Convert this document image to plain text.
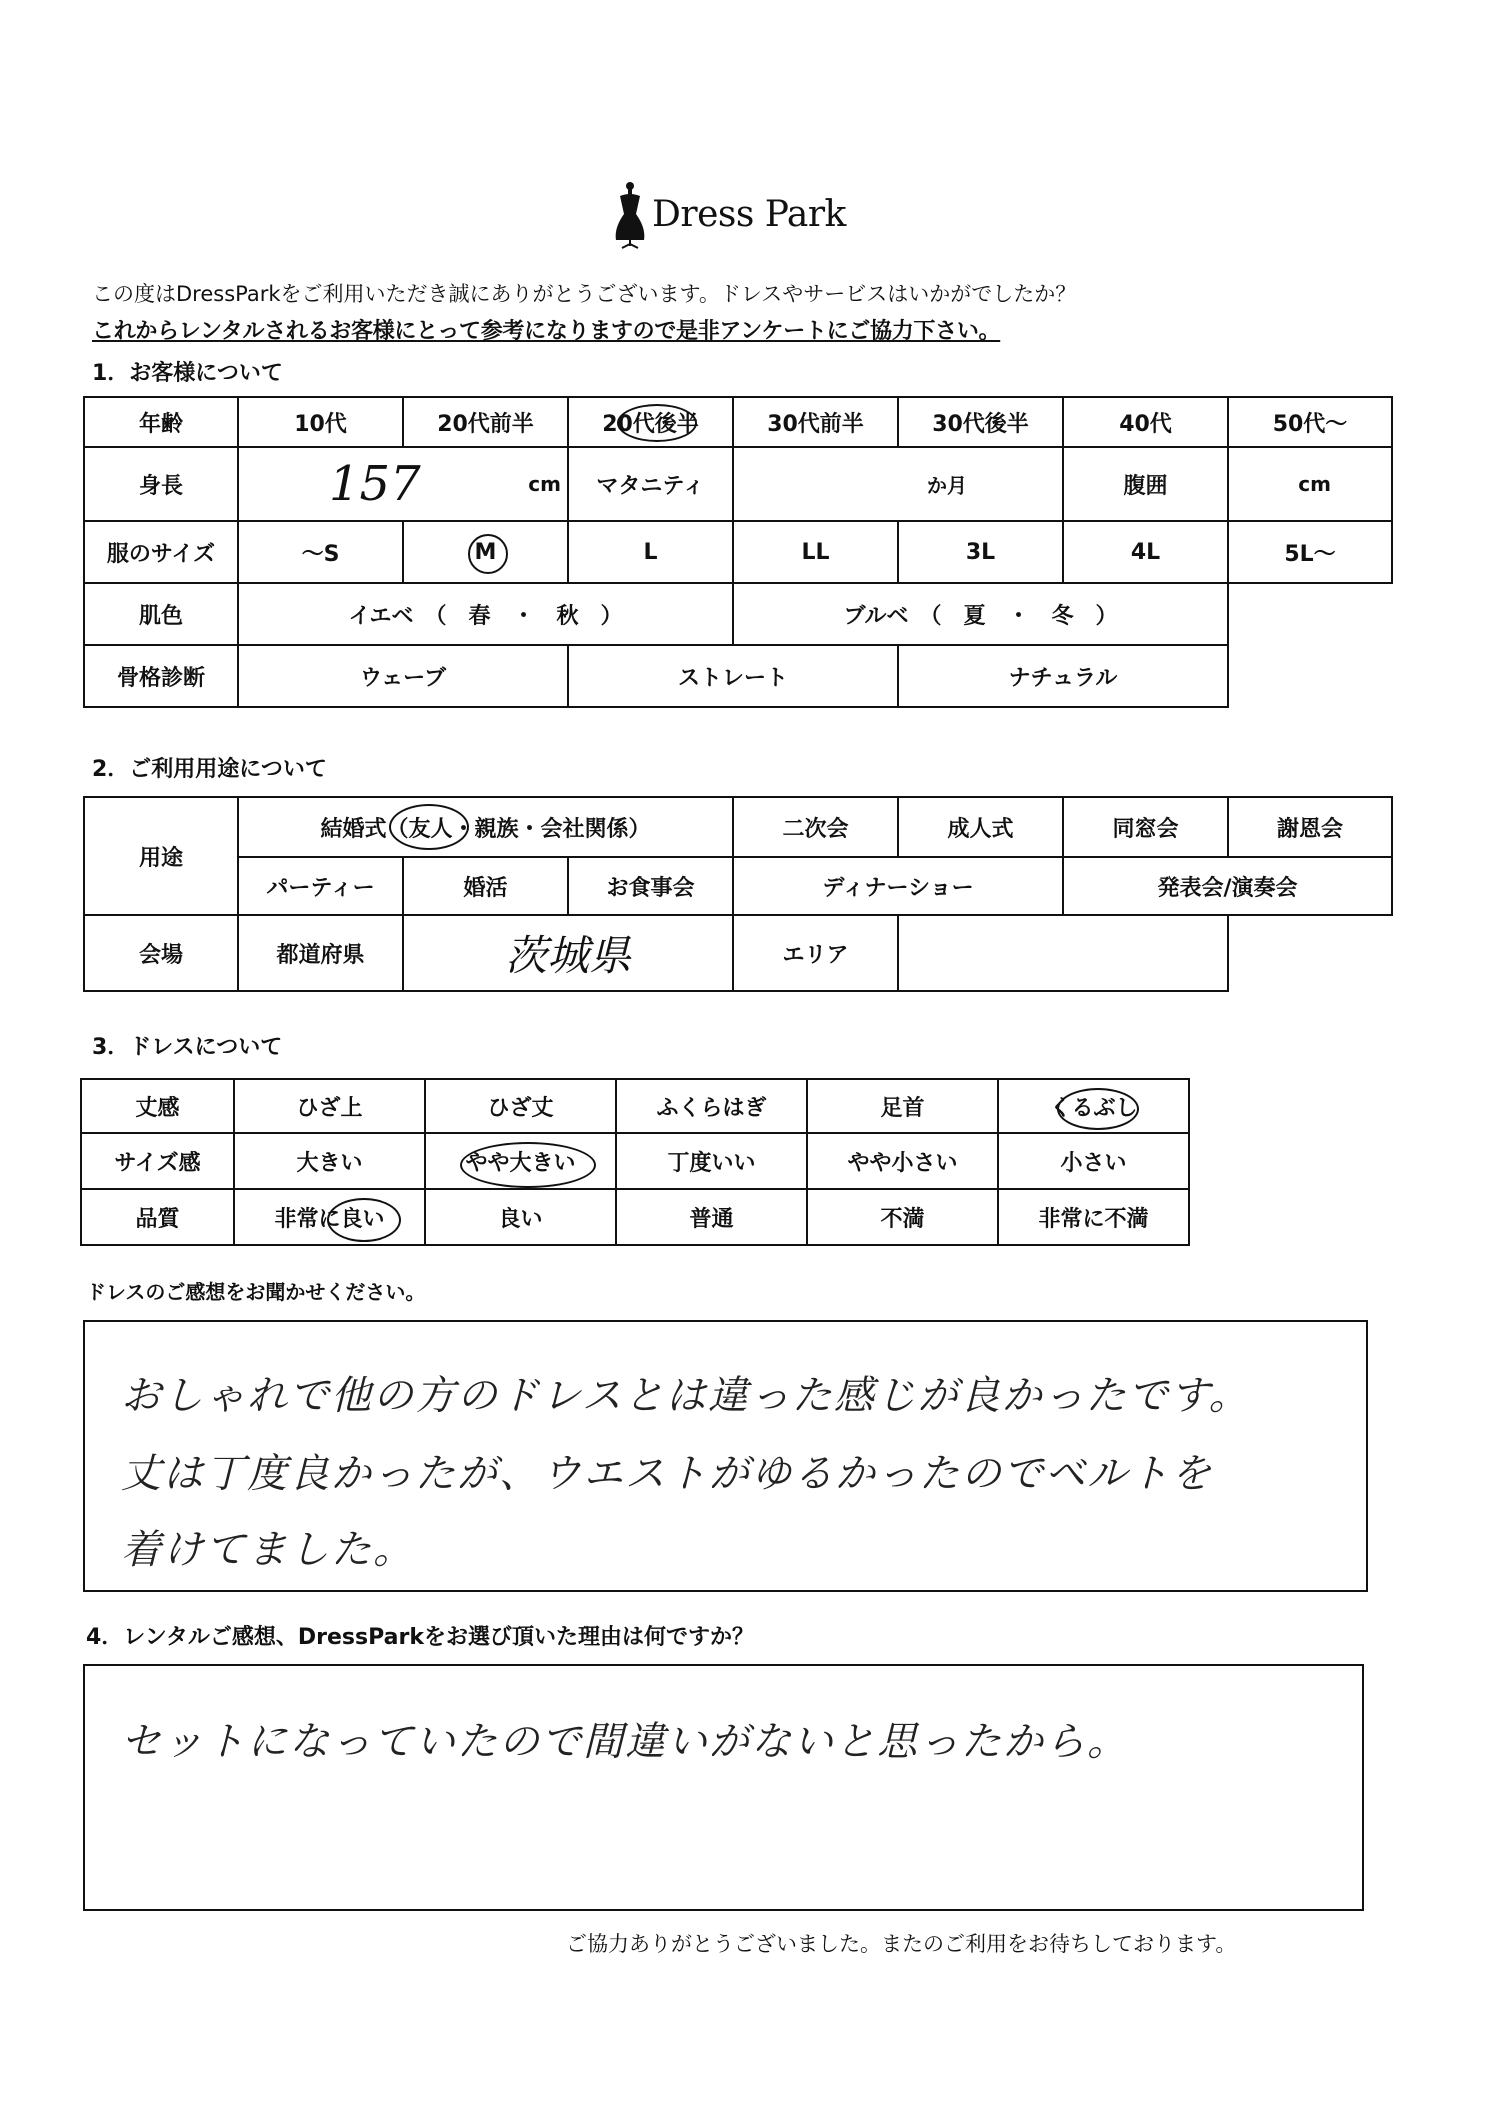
Dress Park
この度はDressParkをご利用いただき誠にありがとうございます。ドレスやサービスはいかがでしたか？
これからレンタルされるお客様にとって参考になりますので是非アンケートにご協力下さい。
1．お客様について
年齢	10代	20代前半	20代後半	30代前半	30代後半	40代	50代～
身長	157 cm		マタニティ	か月		腹囲	cm

服のサイズ	～S	M	L	LL	3L	4L	5L～
肌色	イエベ　（　春　・　秋　）			ブルベ　（　夏　・　冬　）			
骨格診断	ウェーブ		ストレート		ナチュラル		
2．ご利用用途について
用途	結婚式（友人・親族・会社関係）			二次会	成人式	同窓会	謝恩会
	パーティー	婚活	お食事会	ディナーショー		発表会/演奏会	
会場	都道府県	茨城県		エリア			
3．ドレスについて
丈感	ひざ上	ひざ丈	ふくらはぎ	足首	くるぶし

サイズ感	大きい	やや大きい	丁度いい	やや小さい	小さい
品質	非常に良い	良い	普通	不満	非常に不満
ドレスのご感想をお聞かせください。
おしゃれで他の方のドレスとは違った感じが良かったです。
丈は丁度良かったが、ウエストがゆるかったのでベルトを
着けてました。
4．レンタルご感想、DressParkをお選び頂いた理由は何ですか？
セットになっていたので間違いがないと思ったから。
ご協力ありがとうございました。またのご利用をお待ちしております。
